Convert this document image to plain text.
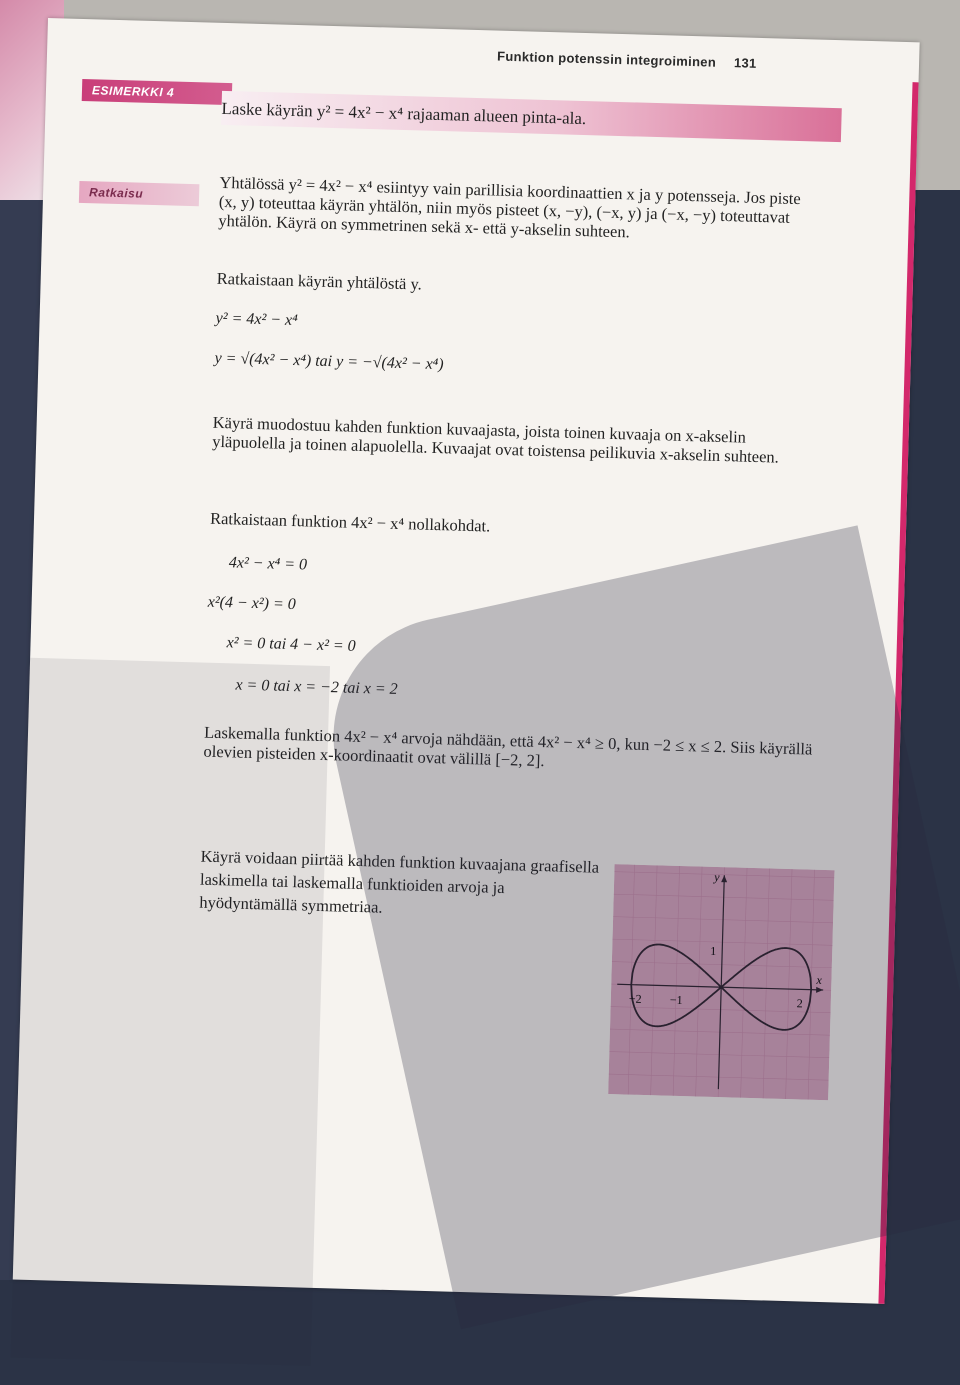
Funktion potenssin integroiminen 131
ESIMERKKI 4
Laske käyrän y² = 4x² − x⁴ rajaaman alueen pinta-ala.
Ratkaisu	Yhtälössä y² = 4x² − x⁴ esiintyy vain parillisia koordinaattien x ja y potensseja. Jos piste (x, y) toteuttaa käyrän yhtälön, niin myös pisteet (x, −y), (−x, y) ja (−x, −y) toteuttavat yhtälön. Käyrä on symmetrinen sekä x- että y-akselin suhteen.
Ratkaistaan käyrän yhtälöstä y.
y² = 4x² − x⁴
y = √(4x² − x⁴) tai y = −√(4x² − x⁴)
Käyrä muodostuu kahden funktion kuvaajasta, joista toinen kuvaaja on x-akselin yläpuolella ja toinen alapuolella. Kuvaajat ovat toistensa peilikuvia x-akselin suhteen.
Ratkaistaan funktion 4x² − x⁴ nollakohdat.
4x² − x⁴ = 0
x²(4 − x²) = 0
x² = 0 tai 4 − x² = 0
x = 0 tai x = −2 tai x = 2
Laskemalla funktion 4x² − x⁴ arvoja nähdään, että 4x² − x⁴ ≥ 0, kun −2 ≤ x ≤ 2. Siis käyrällä olevien pisteiden x-koordinaatit ovat välillä [−2, 2].
Käyrä voidaan piirtää kahden funktion kuvaajana graafisella laskimella tai laskemalla funktioiden arvoja ja hyödyntämällä symmetriaa.
y
x
−2 −1	2
1
